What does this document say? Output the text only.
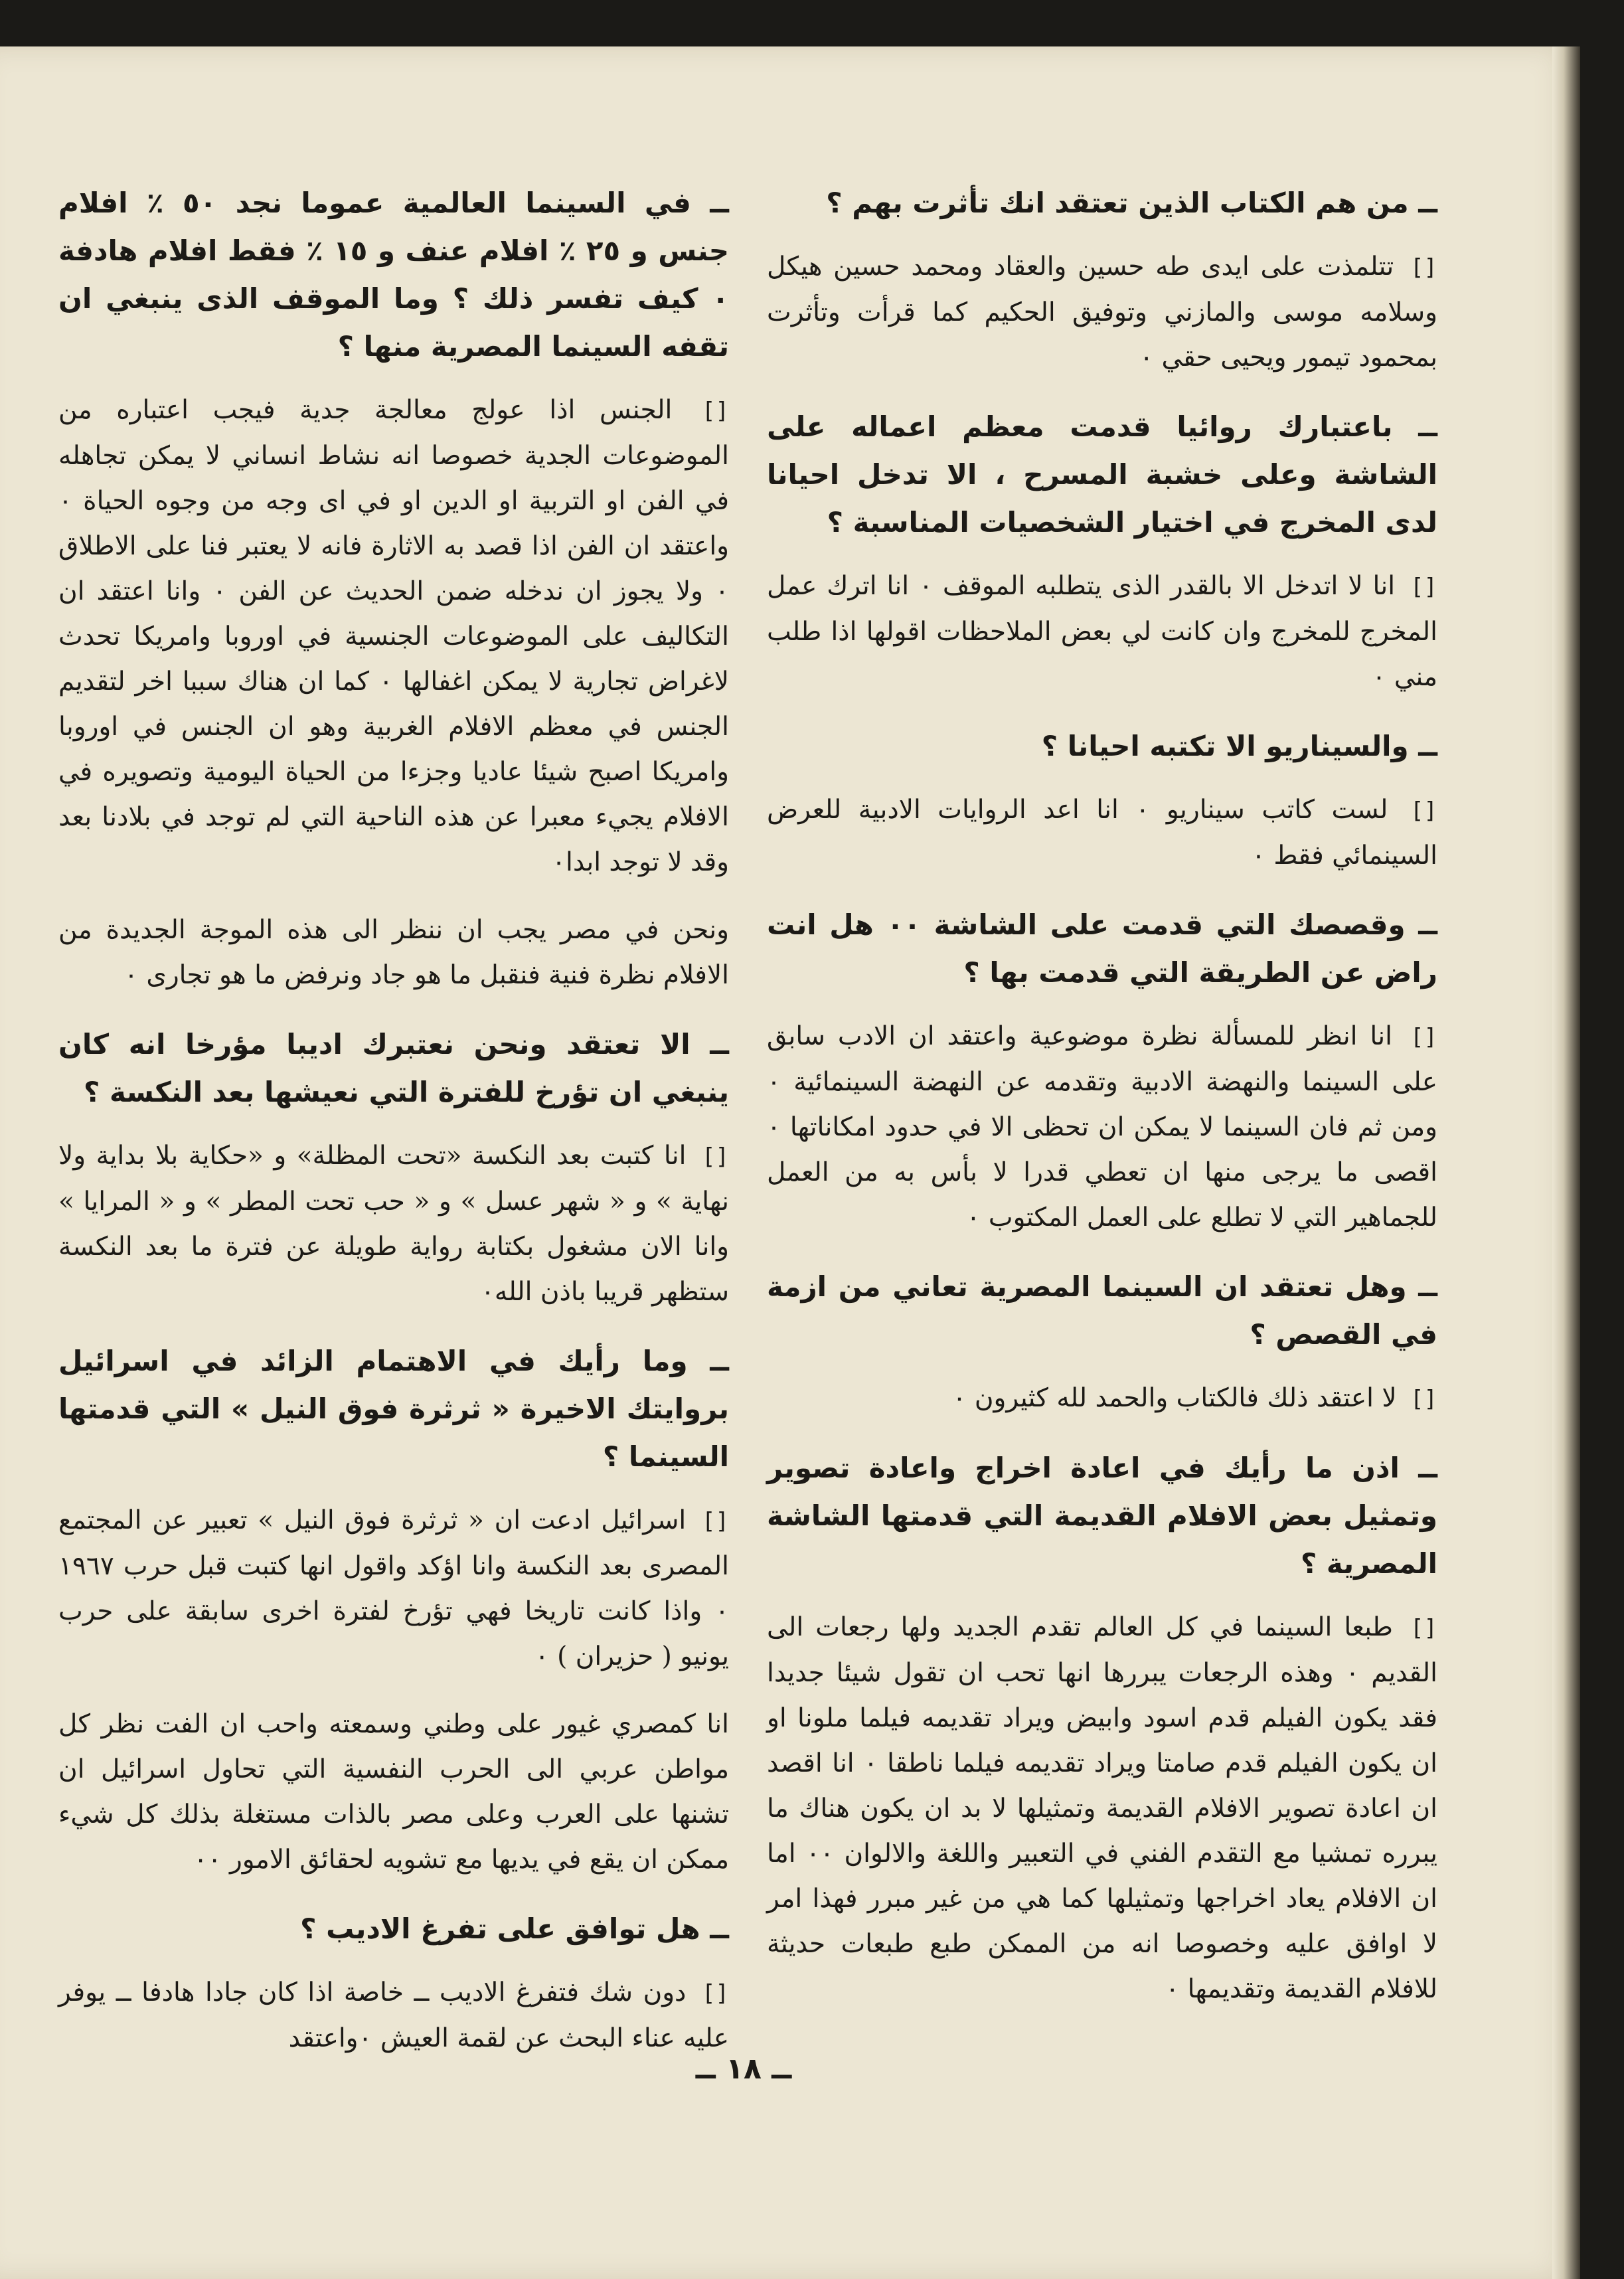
ــ من هم الكتاب الذين تعتقد انك تأثرت بهم ؟
[] تتلمذت على ايدى طه حسين والعقاد ومحمد حسين هيكل وسلامه موسى والمازني وتوفيق الحكيم كما قرأت وتأثرت بمحمود تيمور ويحيى حقي ٠
ــ باعتبارك روائيا قدمت معظم اعماله على الشاشة وعلى خشبة المسرح ، الا تدخل احيانا لدى المخرج في اختيار الشخصيات المناسبة ؟
[] انا لا اتدخل الا بالقدر الذى يتطلبه الموقف ٠ انا اترك عمل المخرج للمخرج وان كانت لي بعض الملاحظات اقولها اذا طلب مني ٠
ــ والسيناريو الا تكتبه احيانا ؟
[] لست كاتب سيناريو ٠ انا اعد الروايات الادبية للعرض السينمائي فقط ٠
ــ وقصصك التي قدمت على الشاشة ٠٠ هل انت راض عن الطريقة التي قدمت بها ؟
[] انا انظر للمسألة نظرة موضوعية واعتقد ان الادب سابق على السينما والنهضة الادبية وتقدمه عن النهضة السينمائية ٠ ومن ثم فان السينما لا يمكن ان تحظى الا في حدود امكاناتها ٠ اقصى ما يرجى منها ان تعطي قدرا لا بأس به من العمل للجماهير التي لا تطلع على العمل المكتوب ٠
ــ وهل تعتقد ان السينما المصرية تعاني من ازمة في القصص ؟
[] لا اعتقد ذلك فالكتاب والحمد لله كثيرون ٠
ــ اذن ما رأيك في اعادة اخراج واعادة تصوير وتمثيل بعض الافلام القديمة التي قدمتها الشاشة المصرية ؟
[] طبعا السينما في كل العالم تقدم الجديد ولها رجعات الى القديم ٠ وهذه الرجعات يبررها انها تحب ان تقول شيئا جديدا فقد يكون الفيلم قدم اسود وابيض ويراد تقديمه فيلما ملونا او ان يكون الفيلم قدم صامتا ويراد تقديمه فيلما ناطقا ٠ انا اقصد ان اعادة تصوير الافلام القديمة وتمثيلها لا بد ان يكون هناك ما يبرره تمشيا مع التقدم الفني في التعبير واللغة والالوان ٠٠ اما ان الافلام يعاد اخراجها وتمثيلها كما هي من غير مبرر فهذا امر لا اوافق عليه وخصوصا انه من الممكن طبع طبعات حديثة للافلام القديمة وتقديمها ٠
ــ في السينما العالمية عموما نجد ٥٠ ٪ افلام جنس و ٢٥ ٪ افلام عنف و ١٥ ٪ فقط افلام هادفة ٠ كيف تفسر ذلك ؟ وما الموقف الذى ينبغي ان تقفه السينما المصرية منها ؟
[] الجنس اذا عولج معالجة جدية فيجب اعتباره من الموضوعات الجدية خصوصا انه نشاط انساني لا يمكن تجاهله في الفن او التربية او الدين او في اى وجه من وجوه الحياة ٠ واعتقد ان الفن اذا قصد به الاثارة فانه لا يعتبر فنا على الاطلاق ٠ ولا يجوز ان ندخله ضمن الحديث عن الفن ٠ وانا اعتقد ان التكاليف على الموضوعات الجنسية في اوروبا وامريكا تحدث لاغراض تجارية لا يمكن اغفالها ٠ كما ان هناك سببا اخر لتقديم الجنس في معظم الافلام الغربية وهو ان الجنس في اوروبا وامريكا اصبح شيئا عاديا وجزءا من الحياة اليومية وتصويره في الافلام يجيء معبرا عن هذه الناحية التي لم توجد في بلادنا بعد وقد لا توجد ابدا٠
ونحن في مصر يجب ان ننظر الى هذه الموجة الجديدة من الافلام نظرة فنية فنقبل ما هو جاد ونرفض ما هو تجارى ٠
ــ الا تعتقد ونحن نعتبرك اديبا مؤرخا انه كان ينبغي ان تؤرخ للفترة التي نعيشها بعد النكسة ؟
[] انا كتبت بعد النكسة «تحت المظلة» و «حكاية بلا بداية ولا نهاية » و « شهر عسل » و « حب تحت المطر » و « المرايا » وانا الان مشغول بكتابة رواية طويلة عن فترة ما بعد النكسة ستظهر قريبا باذن الله٠
ــ وما رأيك في الاهتمام الزائد في اسرائيل بروايتك الاخيرة « ثرثرة فوق النيل » التي قدمتها السينما ؟
[] اسرائيل ادعت ان « ثرثرة فوق النيل » تعبير عن المجتمع المصرى بعد النكسة وانا اؤكد واقول انها كتبت قبل حرب ١٩٦٧ ٠ واذا كانت تاريخا فهي تؤرخ لفترة اخرى سابقة على حرب يونيو ( حزيران ) ٠
انا كمصري غيور على وطني وسمعته واحب ان الفت نظر كل مواطن عربي الى الحرب النفسية التي تحاول اسرائيل ان تشنها على العرب وعلى مصر بالذات مستغلة بذلك كل شيء ممكن ان يقع في يديها مع تشويه لحقائق الامور ٠٠
ــ هل توافق على تفرغ الاديب ؟
[] دون شك فتفرغ الاديب ــ خاصة اذا كان جادا هادفا ــ يوفر عليه عناء البحث عن لقمة العيش ٠واعتقد
ــ ١٨ ــ
